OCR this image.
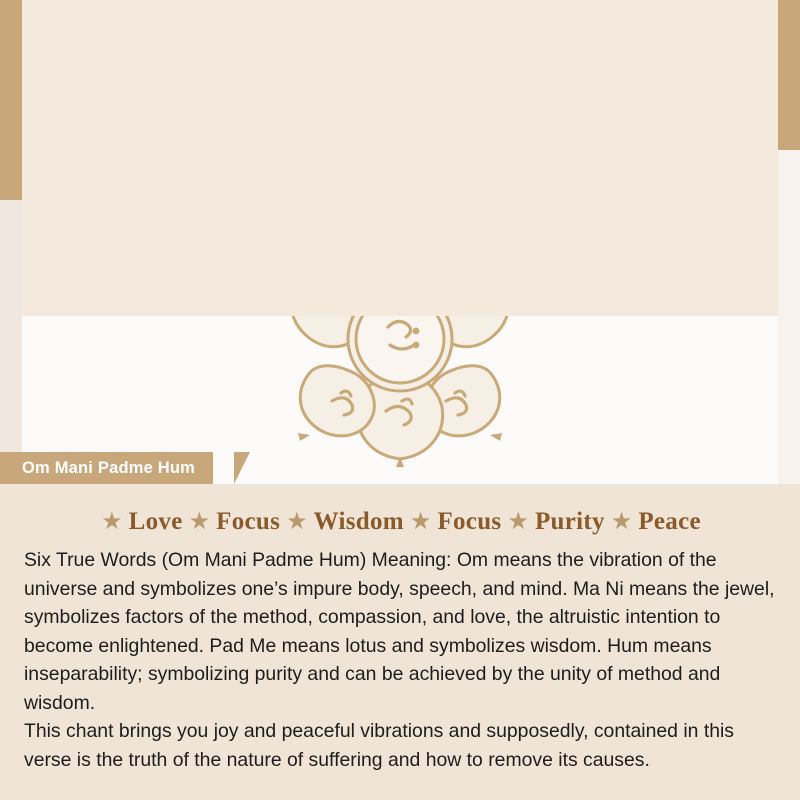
Om Mani Padme Hum
★ Love ★ Focus ★ Wisdom ★ Focus ★ Purity ★ Peace

Six True Words (Om Mani Padme Hum) Meaning: Om means the vibration of the universe and symbolizes one’s impure body, speech, and mind. Ma Ni means the jewel, symbolizes factors of the method, compassion, and love, the altruistic intention to become enlightened. Pad Me means lotus and symbolizes wisdom. Hum means inseparability; symbolizing purity and can be achieved by the unity of method and wisdom.

This chant brings you joy and peaceful vibrations and supposedly, contained in this verse is the truth of the nature of suffering and how to remove its causes.
